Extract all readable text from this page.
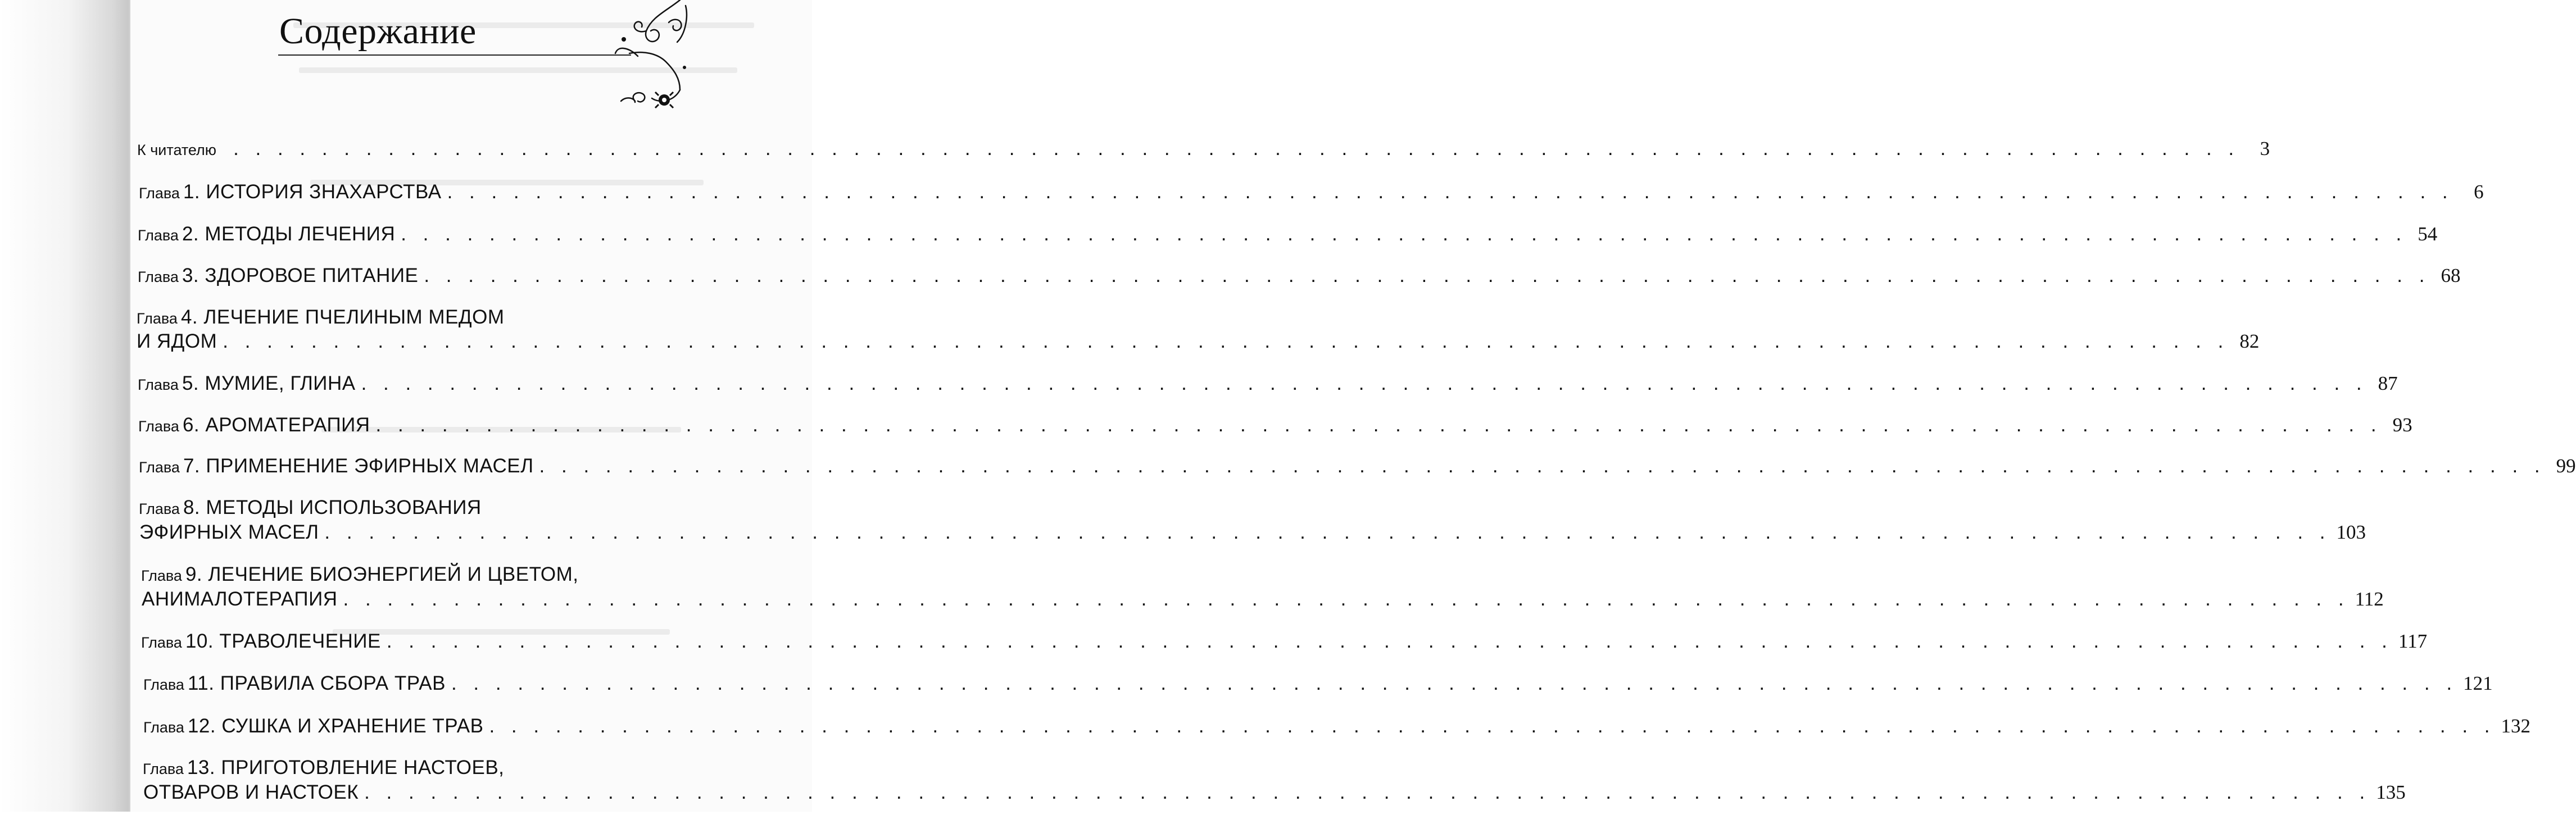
Содержание
К читателю . . . . . . . . . . . . . . . . . . . . . . . . . . . . . . . . . . . . . . . . . . . . . . . . . . . . . . . . . . . . . . . . . . . . . . . . . . . . . . . . . . . . . . . . . . .	3
Глава 1. ИСТОРИЯ ЗНАХАРСТВА . . . . . . . . . . . . . . . . . . . . . . . . . . . . . . . . . . . . . . . . . . . . . . . . . . . . . . . . . . . . . . . . . . . . . . . . . . . . . . . . . . . . . . . . . . .	6
Глава 2. МЕТОДЫ ЛЕЧЕНИЯ . . . . . . . . . . . . . . . . . . . . . . . . . . . . . . . . . . . . . . . . . . . . . . . . . . . . . . . . . . . . . . . . . . . . . . . . . . . . . . . . . . . . . . . . . . . 54
Глава 3. ЗДОРОВОЕ ПИТАНИЕ . . . . . . . . . . . . . . . . . . . . . . . . . . . . . . . . . . . . . . . . . . . . . . . . . . . . . . . . . . . . . . . . . . . . . . . . . . . . . . . . . . . . . . . . . . . 68
Глава 4. ЛЕЧЕНИЕ ПЧЕЛИНЫМ МЕДОМ
И ЯДОМ . . . . . . . . . . . . . . . . . . . . . . . . . . . . . . . . . . . . . . . . . . . . . . . . . . . . . . . . . . . . . . . . . . . . . . . . . . . . . . . . . . . . . . . . . . . 82
Глава 5. МУМИЕ, ГЛИНА . . . . . . . . . . . . . . . . . . . . . . . . . . . . . . . . . . . . . . . . . . . . . . . . . . . . . . . . . . . . . . . . . . . . . . . . . . . . . . . . . . . . . . . . . . . 87
Глава 6. АРОМАТЕРАПИЯ . . . . . . . . . . . . . . . . . . . . . . . . . . . . . . . . . . . . . . . . . . . . . . . . . . . . . . . . . . . . . . . . . . . . . . . . . . . . . . . . . . . . . . . . . . . 93
Глава 7. ПРИМЕНЕНИЕ ЭФИРНЫХ МАСЕЛ . . . . . . . . . . . . . . . . . . . . . . . . . . . . . . . . . . . . . . . . . . . . . . . . . . . . . . . . . . . . . . . . . . . . . . . . . . . . . . . . . . . . . . . . . . . 99
Глава 8. МЕТОДЫ ИСПОЛЬЗОВАНИЯ
ЭФИРНЫХ МАСЕЛ . . . . . . . . . . . . . . . . . . . . . . . . . . . . . . . . . . . . . . . . . . . . . . . . . . . . . . . . . . . . . . . . . . . . . . . . . . . . . . . . . . . . . . . . . . . 103
Глава 9. ЛЕЧЕНИЕ БИОЭНЕРГИЕЙ И ЦВЕТОМ,
АНИМАЛОТЕРАПИЯ . . . . . . . . . . . . . . . . . . . . . . . . . . . . . . . . . . . . . . . . . . . . . . . . . . . . . . . . . . . . . . . . . . . . . . . . . . . . . . . . . . . . . . . . . . . 112
Глава 10. ТРАВОЛЕЧЕНИЕ . . . . . . . . . . . . . . . . . . . . . . . . . . . . . . . . . . . . . . . . . . . . . . . . . . . . . . . . . . . . . . . . . . . . . . . . . . . . . . . . . . . . . . . . . . . 117
Глава 11. ПРАВИЛА СБОРА ТРАВ . . . . . . . . . . . . . . . . . . . . . . . . . . . . . . . . . . . . . . . . . . . . . . . . . . . . . . . . . . . . . . . . . . . . . . . . . . . . . . . . . . . . . . . . . . . 121
Глава 12. СУШКА И ХРАНЕНИЕ ТРАВ . . . . . . . . . . . . . . . . . . . . . . . . . . . . . . . . . . . . . . . . . . . . . . . . . . . . . . . . . . . . . . . . . . . . . . . . . . . . . . . . . . . . . . . . . . . 132
Глава 13. ПРИГОТОВЛЕНИЕ НАСТОЕВ,
ОТВАРОВ И НАСТОЕК . . . . . . . . . . . . . . . . . . . . . . . . . . . . . . . . . . . . . . . . . . . . . . . . . . . . . . . . . . . . . . . . . . . . . . . . . . . . . . . . . . . . . . . . . . . 135
